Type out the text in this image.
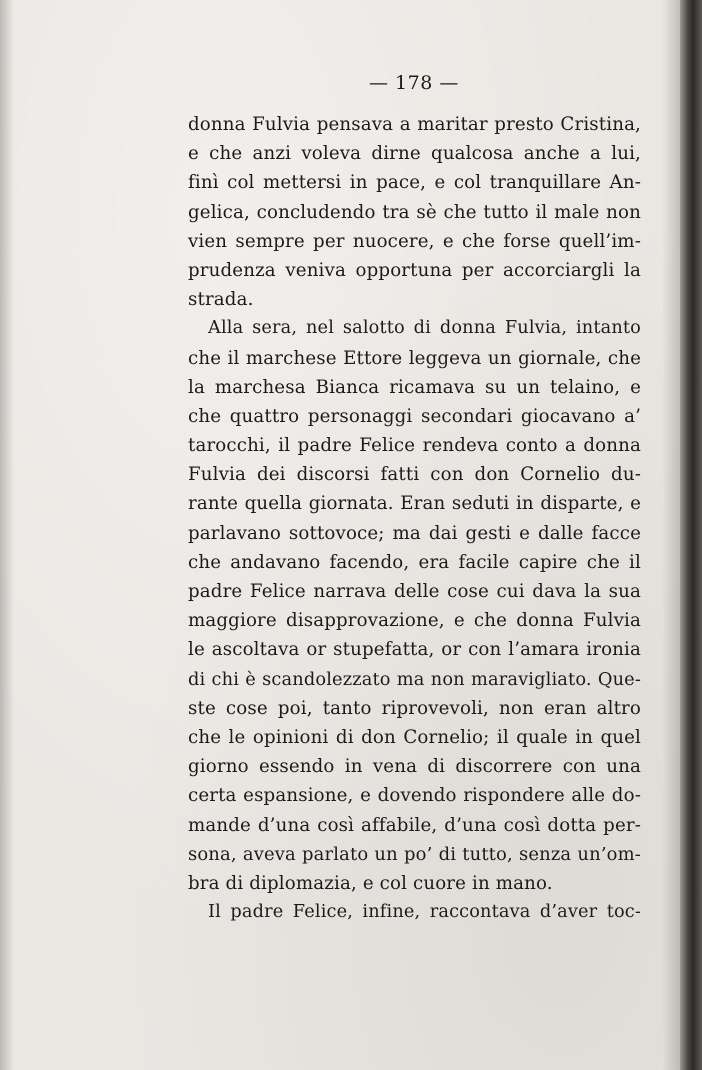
— 178 —
donna Fulvia pensava a maritar presto Cristina,
e che anzi voleva dirne qualcosa anche a lui,
finì col mettersi in pace, e col tranquillare An-
gelica, concludendo tra sè che tutto il male non
vien sempre per nuocere, e che forse quell’im-
prudenza veniva opportuna per accorciargli la
strada.
Alla sera, nel salotto di donna Fulvia, intanto
che il marchese Ettore leggeva un giornale, che
la marchesa Bianca ricamava su un telaino, e
che quattro personaggi secondari giocavano a’
tarocchi, il padre Felice rendeva conto a donna
Fulvia dei discorsi fatti con don Cornelio du-
rante quella giornata. Eran seduti in disparte, e
parlavano sottovoce; ma dai gesti e dalle facce
che andavano facendo, era facile capire che il
padre Felice narrava delle cose cui dava la sua
maggiore disapprovazione, e che donna Fulvia
le ascoltava or stupefatta, or con l’amara ironia
di chi è scandolezzato ma non maravigliato. Que-
ste cose poi, tanto riprovevoli, non eran altro
che le opinioni di don Cornelio; il quale in quel
giorno essendo in vena di discorrere con una
certa espansione, e dovendo rispondere alle do-
mande d’una così affabile, d’una così dotta per-
sona, aveva parlato un po’ di tutto, senza un’om-
bra di diplomazia, e col cuore in mano.
Il padre Felice, infine, raccontava d’aver toc-
